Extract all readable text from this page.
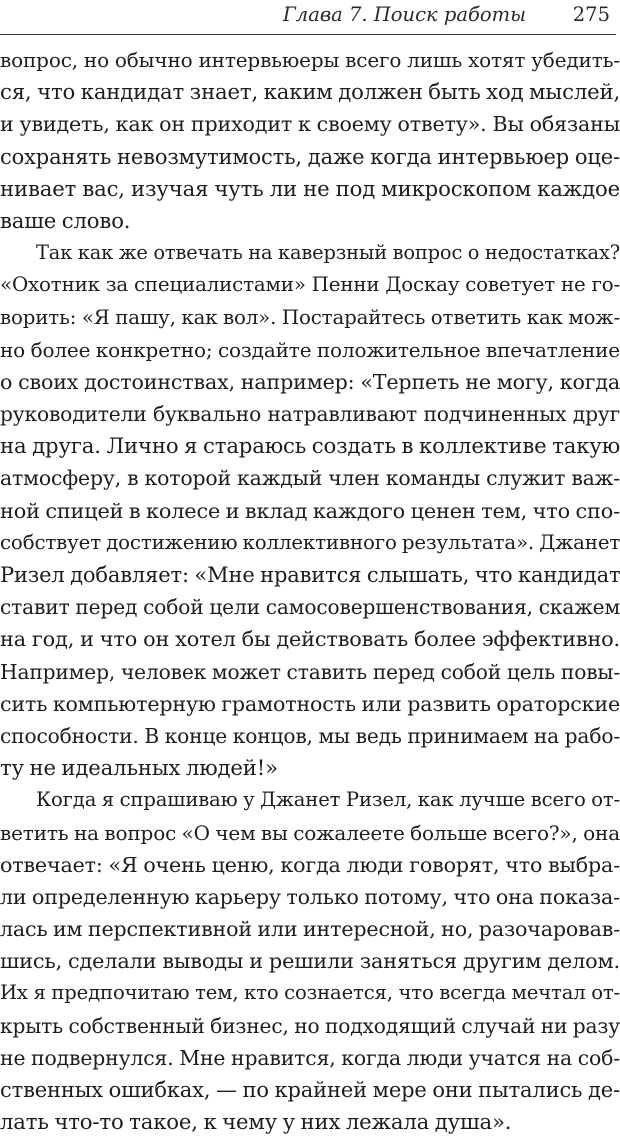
Глава 7. Поиск работы 275
вопрос, но обычно интервьюеры всего лишь хотят убедить-
ся, что кандидат знает, каким должен быть ход мыслей,
и увидеть, как он приходит к своему ответу». Вы обязаны
сохранять невозмутимость, даже когда интервьюер оце-
нивает вас, изучая чуть ли не под микроскопом каждое
ваше слово.
Так как же отвечать на каверзный вопрос о недостатках?
«Охотник за специалистами» Пенни Доскау советует не го-
ворить: «Я пашу, как вол». Постарайтесь ответить как мож-
но более конкретно; создайте положительное впечатление
о своих достоинствах, например: «Терпеть не могу, когда
руководители буквально натравливают подчиненных друг
на друга. Лично я стараюсь создать в коллективе такую
атмосферу, в которой каждый член команды служит важ-
ной спицей в колесе и вклад каждого ценен тем, что спо-
собствует достижению коллективного результата». Джанет
Ризел добавляет: «Мне нравится слышать, что кандидат
ставит перед собой цели самосовершенствования, скажем
на год, и что он хотел бы действовать более эффективно.
Например, человек может ставить перед собой цель повы-
сить компьютерную грамотность или развить ораторские
способности. В конце концов, мы ведь принимаем на рабо-
ту не идеальных людей!»
Когда я спрашиваю у Джанет Ризел, как лучше всего от-
ветить на вопрос «О чем вы сожалеете больше всего?», она
отвечает: «Я очень ценю, когда люди говорят, что выбра-
ли определенную карьеру только потому, что она показа-
лась им перспективной или интересной, но, разочаровав-
шись, сделали выводы и решили заняться другим делом.
Их я предпочитаю тем, кто сознается, что всегда мечтал от-
крыть собственный бизнес, но подходящий случай ни разу
не подвернулся. Мне нравится, когда люди учатся на соб-
ственных ошибках, — по крайней мере они пытались де-
лать что-то такое, к чему у них лежала душа».
